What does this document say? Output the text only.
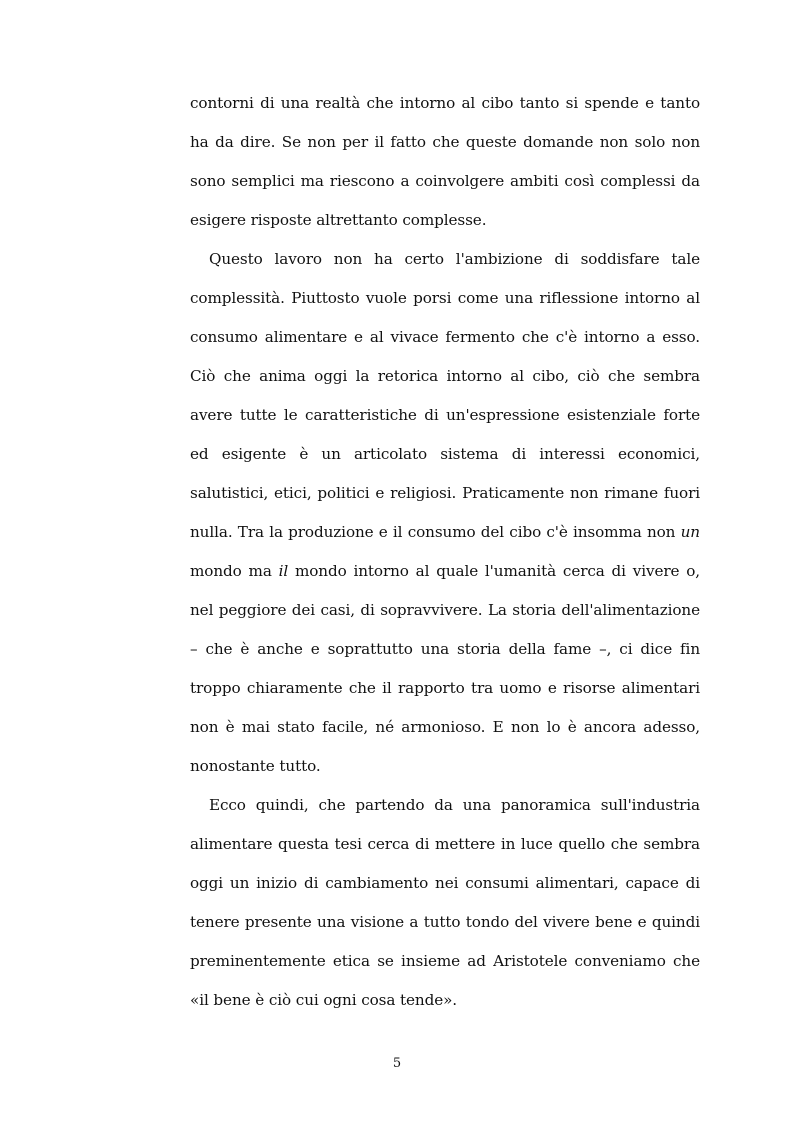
contorni di una realtà che intorno al cibo tanto si spende e tanto ha da dire. Se non per il fatto che queste domande non solo non sono semplici ma riescono a coinvolgere ambiti così complessi da esigere risposte altrettanto complesse.

Questo lavoro non ha certo l'ambizione di soddisfare tale complessità. Piuttosto vuole porsi come una riflessione intorno al consumo alimentare e al vivace fermento che c'è intorno a esso. Ciò che anima oggi la retorica intorno al cibo, ciò che sembra avere tutte le caratteristiche di un'espressione esistenziale forte ed esigente è un articolato sistema di interessi economici, salutistici, etici, politici e religiosi. Praticamente non rimane fuori nulla. Tra la produzione e il consumo del cibo c'è insomma non un mondo ma il mondo intorno al quale l'umanità cerca di vivere o, nel peggiore dei casi, di sopravvivere. La storia dell'alimentazione – che è anche e soprattutto una storia della fame –, ci dice fin troppo chiaramente che il rapporto tra uomo e risorse alimentari non è mai stato facile, né armonioso. E non lo è ancora adesso, nonostante tutto.

Ecco quindi, che partendo da una panoramica sull'industria alimentare questa tesi cerca di mettere in luce quello che sembra oggi un inizio di cambiamento nei consumi alimentari, capace di tenere presente una visione a tutto tondo del vivere bene e quindi preminentemente etica se insieme ad Aristotele conveniamo che «il bene è ciò cui ogni cosa tende».

5
